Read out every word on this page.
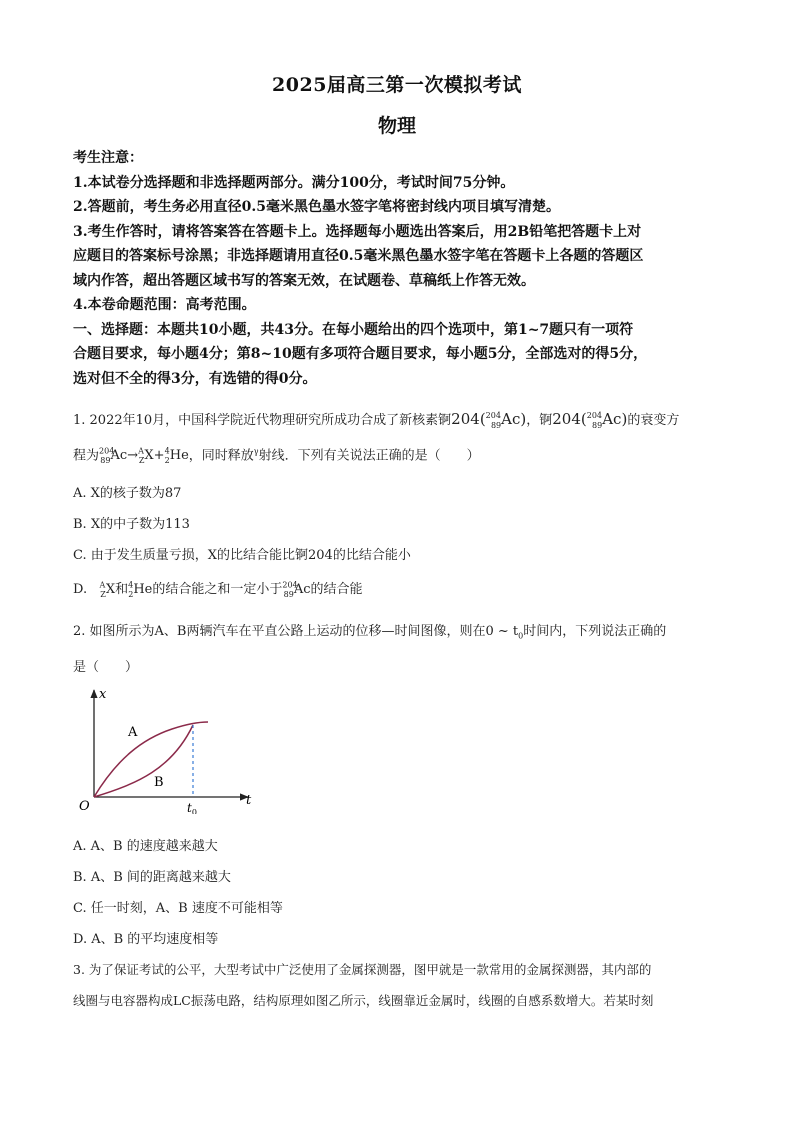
2025届高三第一次模拟考试
物理
考生注意：
1.本试卷分选择题和非选择题两部分。满分100分，考试时间75分钟。
2.答题前，考生务必用直径0.5毫米黑色墨水签字笔将密封线内项目填写清楚。
3.考生作答时，请将答案答在答题卡上。选择题每小题选出答案后，用2B铅笔把答题卡上对
应题目的答案标号涂黑；非选择题请用直径0.5毫米黑色墨水签字笔在答题卡上各题的答题区
域内作答，超出答题区域书写的答案无效，在试题卷、草稿纸上作答无效。
4.本卷命题范围：高考范围。
一、选择题：本题共10小题，共43分。在每小题给出的四个选项中，第1~7题只有一项符
合题目要求，每小题4分；第8~10题有多项符合题目要求，每小题5分，全部选对的得5分，
选对但不全的得3分，有选错的得0分。
1. 2022年10月，中国科学院近代物理研究所成功合成了新核素锕204($^{204}_{89}$Ac)，锕204($^{204}_{89}$Ac)的衰变方
程为$^{204}_{89}$Ac→$^A_Z$X+$^4_2$He，同时释放$^\gamma$射线．下列有关说法正确的是（　　）
A. X的核子数为87
B. X的中子数为113
C. 由于发生质量亏损，X的比结合能比锕204的比结合能小
D. $^A_Z$X和$^4_2$He的结合能之和一定小于$^{204}_{89}$Ac的结合能
2. 如图所示为A、B两辆汽车在平直公路上运动的位移—时间图像，则在0 ~ $t_0$时间内，下列说法正确的
是（　　）
x
t
O
A
B
$t_0$
A. A、B 的速度越来越大
B. A、B 间的距离越来越大
C. 任一时刻，A、B 速度不可能相等
D. A、B 的平均速度相等
3. 为了保证考试的公平，大型考试中广泛使用了金属探测器，图甲就是一款常用的金属探测器，其内部的
线圈与电容器构成LC振荡电路，结构原理如图乙所示，线圈靠近金属时，线圈的自感系数增大。若某时刻
